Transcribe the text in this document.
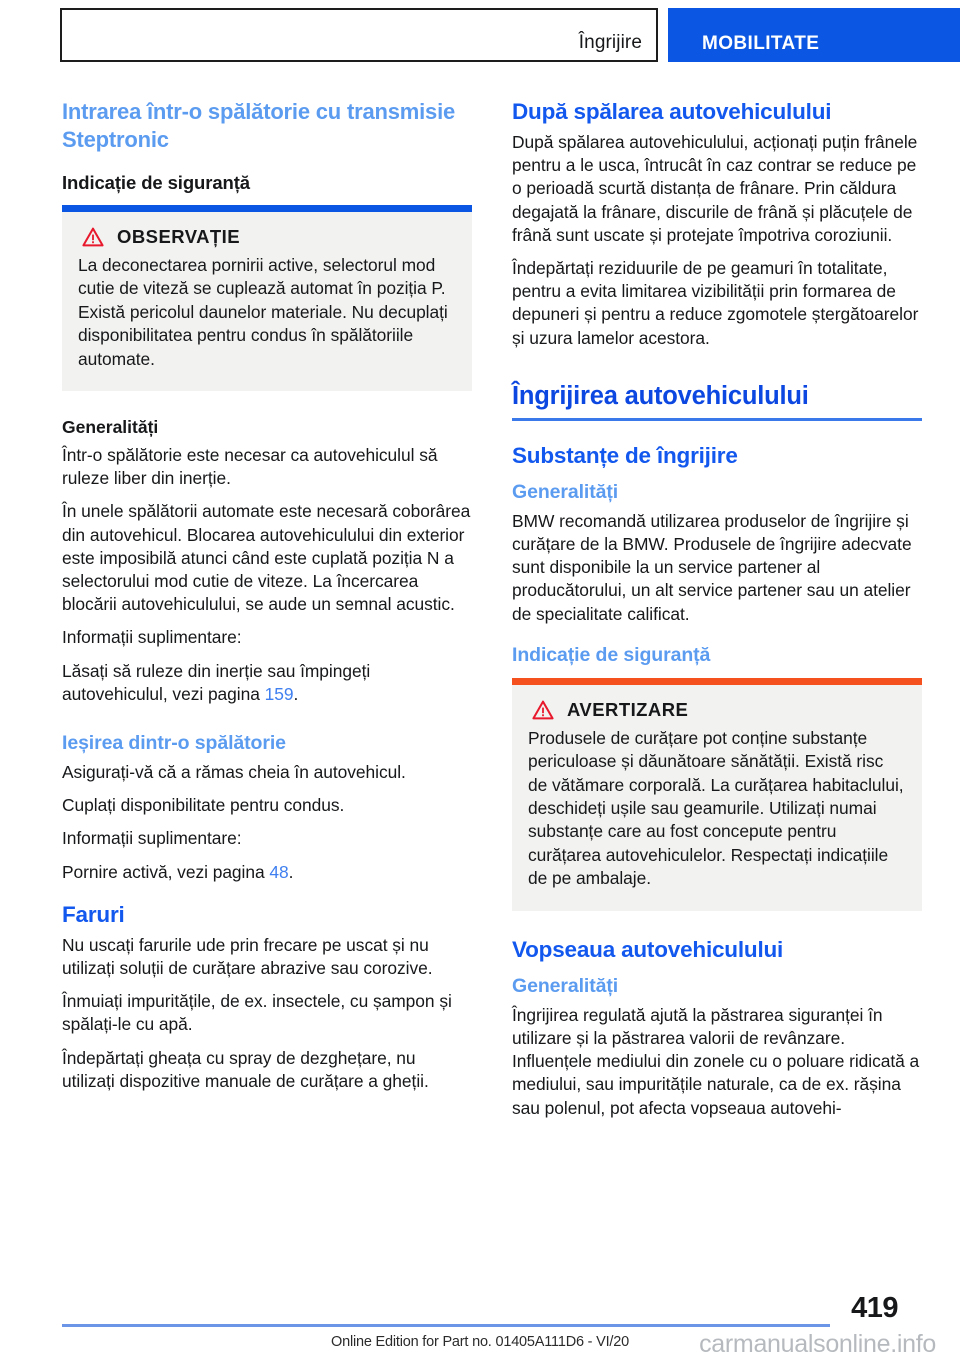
Îngrijire	MOBILITATE
Intrarea într-o spălătorie cu transmisie Steptronic
Indicație de siguranță
OBSERVAȚIE
La deconectarea pornirii active, selectorul mod cutie de viteză se cuplează automat în poziția P. Există pericolul daunelor materiale. Nu decuplați disponibilitatea pentru condus în spălătoriile automate.
Generalități

Într-o spălătorie este necesar ca autovehiculul să ruleze liber din inerție.

În unele spălătorii automate este necesară coborârea din autovehicul. Blocarea autovehiculului din exterior este imposibilă atunci când este cuplată poziția N a selectorului mod cutie de viteze. La încercarea blocării autovehiculului, se aude un semnal acustic.

Informații suplimentare:

Lăsați să ruleze din inerție sau împingeți autovehiculul, vezi pagina 159.

Ieșirea dintr-o spălătorie

Asigurați-vă că a rămas cheia în autovehicul.

Cuplați disponibilitate pentru condus.

Informații suplimentare:

Pornire activă, vezi pagina 48.

Faruri

Nu uscați farurile ude prin frecare pe uscat și nu utilizați soluții de curățare abrazive sau corozive.

Înmuiați impuritățile, de ex. insectele, cu șampon și spălați-le cu apă.

Îndepărtați gheața cu spray de dezghețare, nu utilizați dispozitive manuale de curățare a gheții.

După spălarea autovehiculului

După spălarea autovehiculului, acționați puțin frânele pentru a le usca, întrucât în caz contrar se reduce pe o perioadă scurtă distanța de frânare. Prin căldura degajată la frânare, discurile de frână și plăcuțele de frână sunt uscate și protejate împotriva coroziunii.

Îndepărtați reziduurile de pe geamuri în totalitate, pentru a evita limitarea vizibilității prin formarea de depuneri și pentru a reduce zgomotele ștergătoarelor și uzura lamelor acestora.

Îngrijirea autovehiculului
Substanțe de îngrijire
Generalități

BMW recomandă utilizarea produselor de îngrijire și curățare de la BMW. Produsele de îngrijire adecvate sunt disponibile la un service partener al producătorului, un alt service partener sau un atelier de specialitate calificat.

Indicație de siguranță
AVERTIZARE
Produsele de curățare pot conține substanțe periculoase și dăunătoare sănătății. Există risc de vătămare corporală. La curățarea habitaclului, deschideți ușile sau geamurile. Utilizați numai substanțe care au fost concepute pentru curățarea autovehiculelor. Respectați indicațiile de pe ambalaje.
Vopseaua autovehiculului
Generalități

Îngrijirea regulată ajută la păstrarea siguranței în utilizare și la păstrarea valorii de revânzare. Influențele mediului din zonele cu o poluare ridicată a mediului, sau impuritățile naturale, ca de ex. rășina sau polenul, pot afecta vopseaua autovehi-

419
Online Edition for Part no. 01405A111D6 - VI/20	carmanualsonline.info
